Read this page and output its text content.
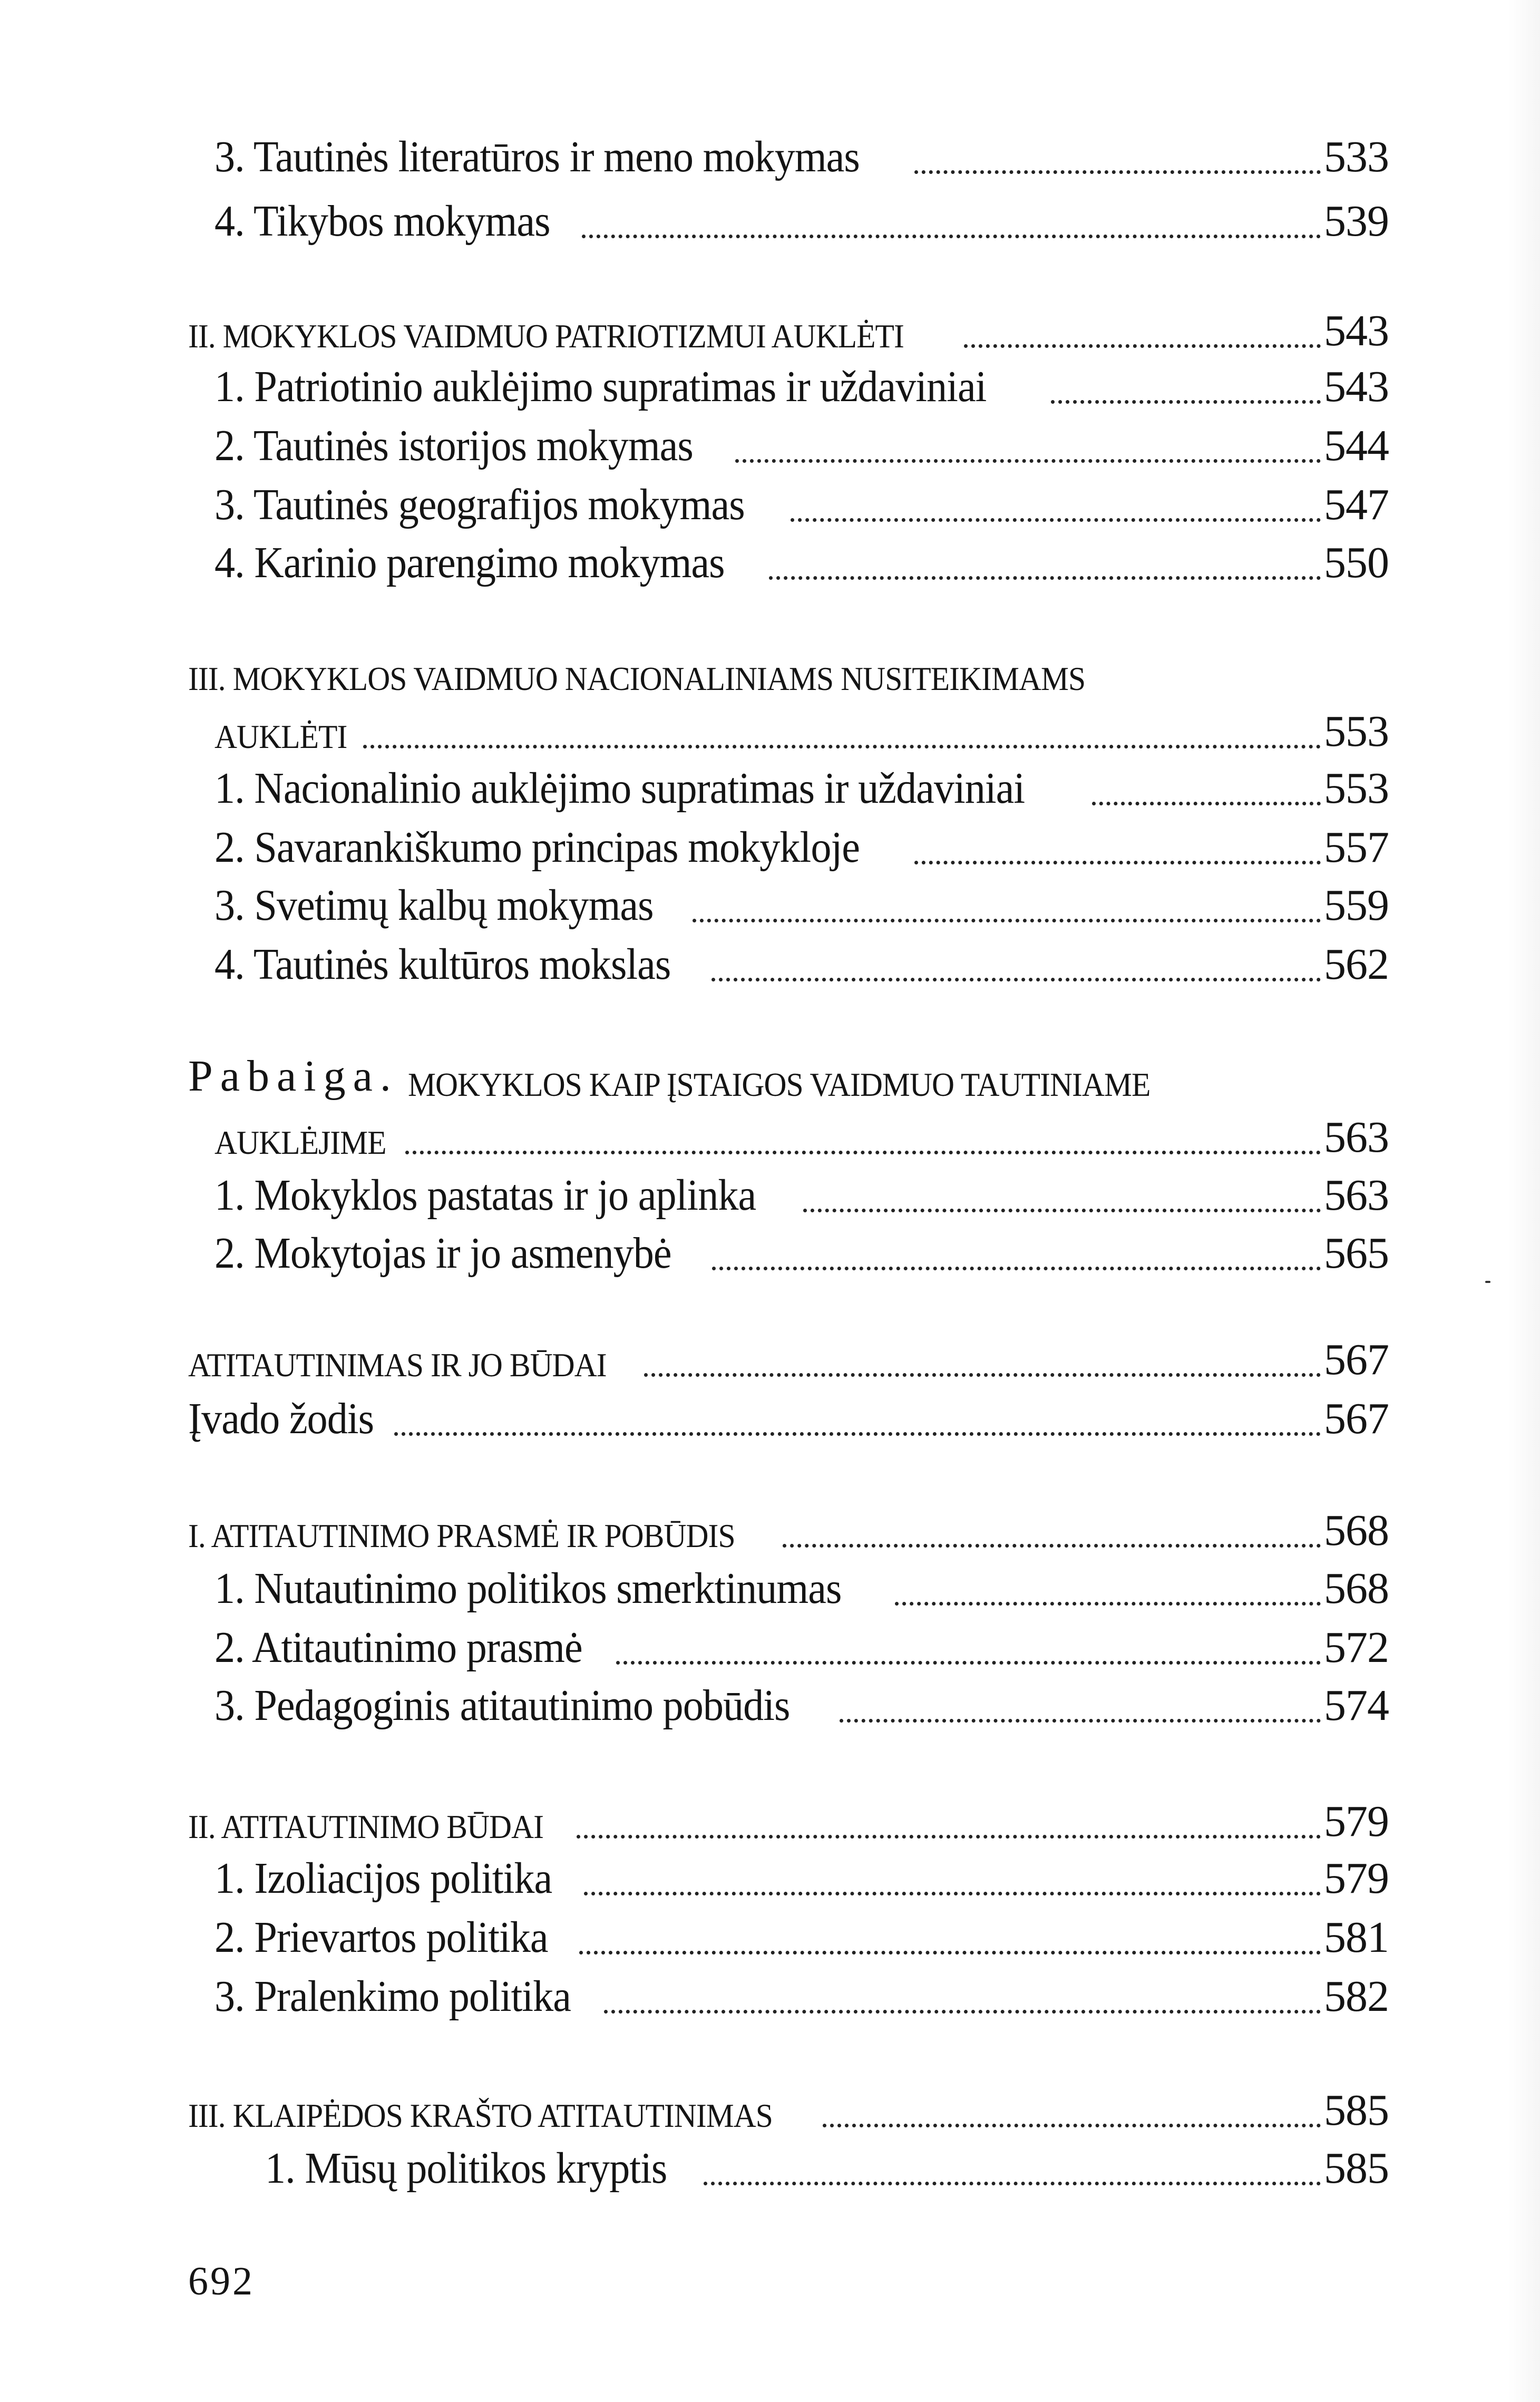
3. Tautinės literatūros ir meno mokymas	533
4. Tikybos mokymas	539
II. MOKYKLOS VAIDMUO PATRIOTIZMUI AUKLĖTI	543
1. Patriotinio auklėjimo supratimas ir uždaviniai	543
2. Tautinės istorijos mokymas	544
3. Tautinės geografijos mokymas	547
4. Karinio parengimo mokymas	550
III. MOKYKLOS VAIDMUO NACIONALINIAMS NUSITEIKIMAMS
AUKLĖTI	553
1. Nacionalinio auklėjimo supratimas ir uždaviniai	553
2. Savarankiškumo principas mokykloje	557
3. Svetimų kalbų mokymas	559
4. Tautinės kultūros mokslas	562
Pabaiga. MOKYKLOS KAIP ĮSTAIGOS VAIDMUO TAUTINIAME
AUKLĖJIME	563
1. Mokyklos pastatas ir jo aplinka	563
2. Mokytojas ir jo asmenybė	565
ATITAUTINIMAS IR JO BŪDAI	567
Įvado žodis	567
I. ATITAUTINIMO PRASMĖ IR POBŪDIS	568
1. Nutautinimo politikos smerktinumas	568
2. Atitautinimo prasmė	572
3. Pedagoginis atitautinimo pobūdis	574
II. ATITAUTINIMO BŪDAI	579
1. Izoliacijos politika	579
2. Prievartos politika	581
3. Pralenkimo politika	582
III. KLAIPĖDOS KRAŠTO ATITAUTINIMAS	585
1. Mūsų politikos kryptis	585
692
